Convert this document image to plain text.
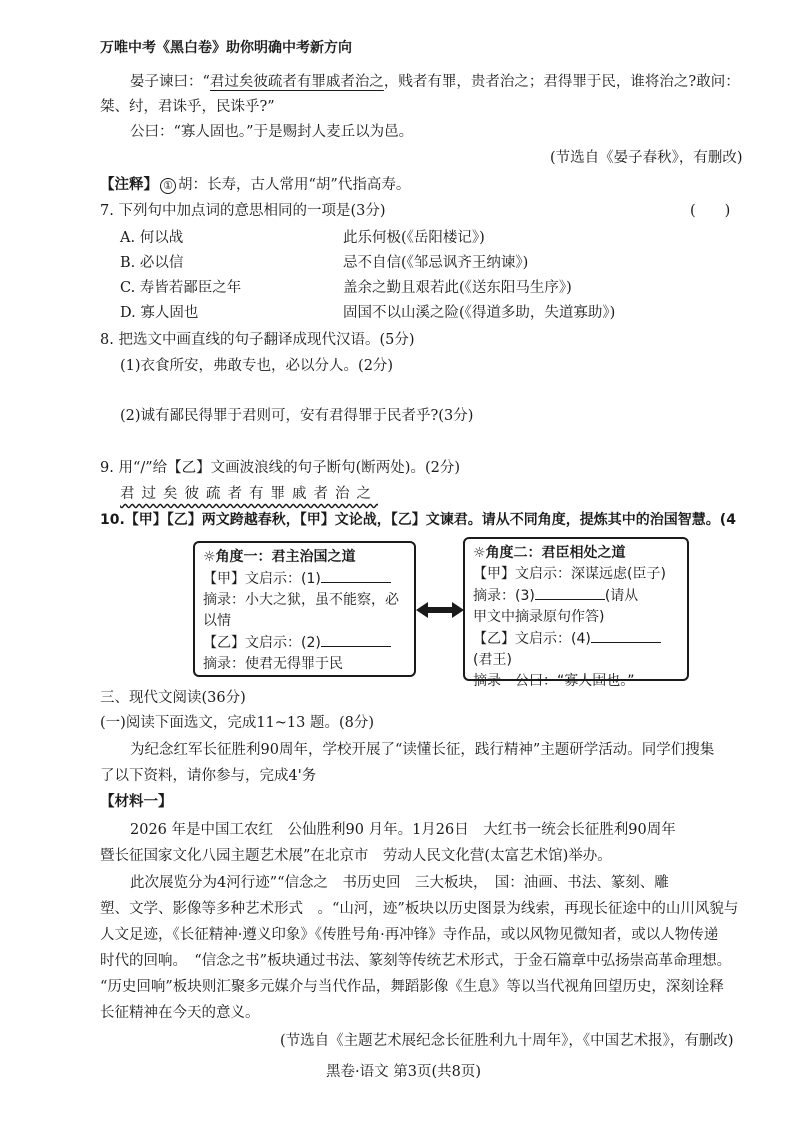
万唯中考《黑白卷》助你明确中考新方向
晏子谏曰：“君过矣彼疏者有罪戚者治之，贱者有罪，贵者治之；君得罪于民，谁将治之?敢问：
桀、纣，君诛乎，民诛乎?”
公曰：“寡人固也。”于是赐封人麦丘以为邑。
(节选自《晏子春秋》，有删改)
【注释】 ① 胡：长寿，古人常用“胡”代指高寿。
7. 下列句中加点词的意思相同的一项是(3分)	(　　)
A. 何以战	此乐何极(《岳阳楼记》)
B. 必以信	忌不自信(《邹忌讽齐王纳谏》)
C. 寿皆若鄙臣之年	盖余之勤且艰若此(《送东阳马生序》)
D. 寡人固也	固国不以山溪之险(《得道多助，失道寡助》)
8. 把选文中画直线的句子翻译成现代汉语。(5分)
(1)衣食所安，弗敢专也，必以分人。(2分)
(2)诚有鄙民得罪于君则可，安有君得罪于民者乎?(3分)
9. 用“/”给【乙】文画波浪线的句子断句(断两处)。(2分)
君过矣彼疏者有罪戚者治之
10.【甲】【乙】两文跨越春秋，【甲】文论战，【乙】文谏君。请从不同角度，提炼其中的治国智慧。(4
☼角度一：君主治国之道
【甲】文启示：(1)
摘录：小大之狱，虽不能察，必
以情
【乙】文启示：(2)
摘录：使君无得罪于民
☼角度二：君臣相处之道
【甲】文启示：深谋远虑(臣子)
摘录：(3)	(请从
甲文中摘录原句作答)
【乙】文启示：(4)
(君王)
摘录　公曰：“寡人固也。”
三、现代文阅读(36分)
(一)阅读下面选文，完成11~13 题。(8分)
为纪念红军长征胜利90周年，学校开展了“读懂长征，践行精神”主题研学活动。同学们搜集
了以下资料，请你参与，完成4'务
【材料一】
2026 年是中国工农红　公仙胜利90 月年。1月26日　大红书一统会长征胜利90周年
暨长征国家文化八园主题艺术展”在北京市　劳动人民文化营(太富艺术馆)举办。
此次展览分为4河行迹”“信念之　书历史回　三大板块，　国：油画、书法、篆刻、雕
塑、文学、影像等多种艺术形式　。“山河，迹”板块以历史图景为线索，再现长征途中的山川风貌与
人文足迹，《长征精神·遵义印象》《传胜号角·再冲锋》寺作品，或以风物见微知者，或以人物传递
时代的回响。　“信念之书”板块通过书法、篆刻等传统艺术形式，于金石篇章中弘扬崇高革命理想。
“历史回响”板块则汇聚多元媒介与当代作品，舞蹈影像《生息》等以当代视角回望历史，深刻诠释
长征精神在今天的意义。
(节选自《主题艺术展纪念长征胜利九十周年》，《中国艺术报》，有删改)
黑卷·语文 第3页(共8页)
